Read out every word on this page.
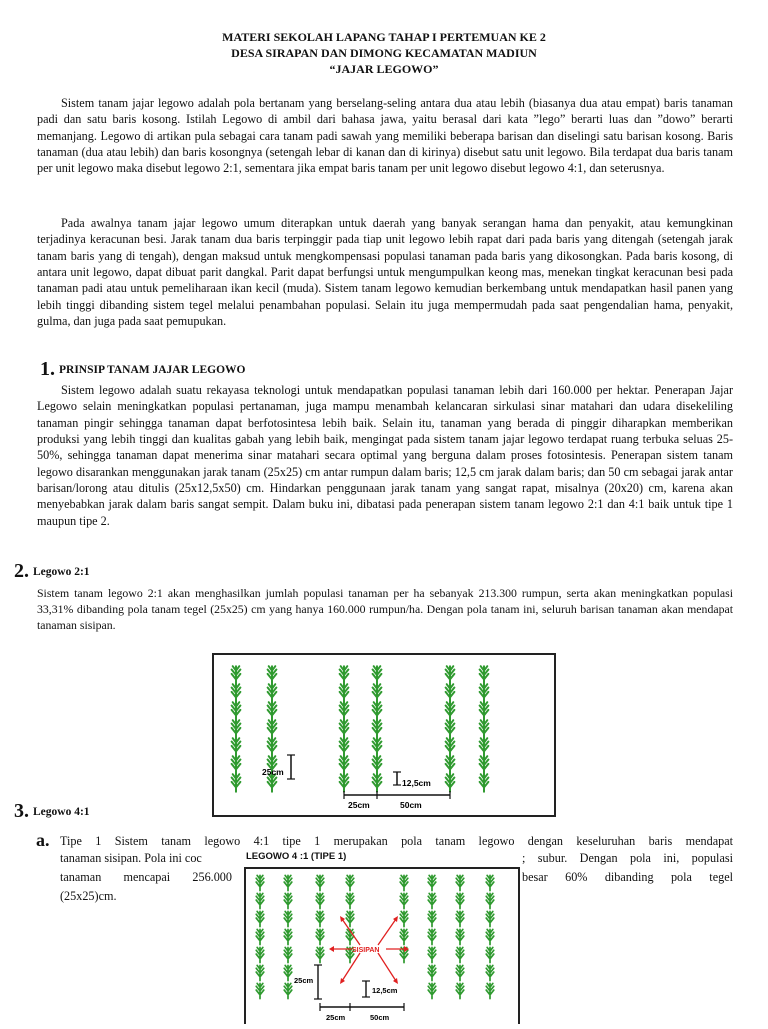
MATERI SEKOLAH LAPANG TAHAP I PERTEMUAN KE 2
DESA SIRAPAN DAN DIMONG KECAMATAN MADIUN
“JAJAR LEGOWO”

Sistem tanam jajar legowo adalah pola bertanam yang berselang-seling antara dua atau lebih (biasanya dua atau empat) baris tanaman padi dan satu baris kosong. Istilah Legowo di ambil dari bahasa jawa, yaitu berasal dari kata ”lego” berarti luas dan ”dowo” berarti memanjang. Legowo di artikan pula sebagai cara tanam padi sawah yang memiliki beberapa barisan dan diselingi satu barisan kosong. Baris tanaman (dua atau lebih) dan baris kosongnya (setengah lebar di kanan dan di kirinya) disebut satu unit legowo. Bila terdapat dua baris tanam per unit legowo maka disebut legowo 2:1, sementara jika empat baris tanam per unit legowo disebut legowo 4:1, dan seterusnya.

Pada awalnya tanam jajar legowo umum diterapkan untuk daerah yang banyak serangan hama dan penyakit, atau kemungkinan terjadinya keracunan besi. Jarak tanam dua baris terpinggir pada tiap unit legowo lebih rapat dari pada baris yang ditengah (setengah jarak tanam baris yang di tengah), dengan maksud untuk mengkompensasi populasi tanaman pada baris yang dikosongkan. Pada baris kosong, di antara unit legowo, dapat dibuat parit dangkal. Parit dapat berfungsi untuk mengumpulkan keong mas, menekan tingkat keracunan besi pada tanaman padi atau untuk pemeliharaan ikan kecil (muda). Sistem tanam legowo kemudian berkembang untuk mendapatkan hasil panen yang lebih tinggi dibanding sistem tegel melalui penambahan populasi. Selain itu juga mempermudah pada saat pengendalian hama, penyakit, gulma, dan juga pada saat pemupukan.

1. PRINSIP TANAM JAJAR LEGOWO

Sistem legowo adalah suatu rekayasa teknologi untuk mendapatkan populasi tanaman lebih dari 160.000 per hektar. Penerapan Jajar Legowo selain meningkatkan populasi pertanaman, juga mampu menambah kelancaran sirkulasi sinar matahari dan udara disekeliling tanaman pingir sehingga tanaman dapat berfotosintesa lebih baik. Selain itu, tanaman yang berada di pinggir diharapkan memberikan produksi yang lebih tinggi dan kualitas gabah yang lebih baik, mengingat pada sistem tanam jajar legowo terdapat ruang terbuka seluas 25-50%, sehingga tanaman dapat menerima sinar matahari secara optimal yang berguna dalam proses fotosintesis. Penerapan sistem tanam legowo disarankan menggunakan jarak tanam (25x25) cm antar rumpun dalam baris; 12,5 cm jarak dalam baris; dan 50 cm sebagai jarak antar barisan/lorong atau ditulis (25x12,5x50) cm. Hindarkan penggunaan jarak tanam yang sangat rapat, misalnya (20x20) cm, karena akan menyebabkan jarak dalam baris sangat sempit. Dalam buku ini, dibatasi pada penerapan sistem tanam legowo 2:1 dan 4:1 baik untuk tipe 1 maupun tipe 2.

2. Legowo 2:1

Sistem tanam legowo 2:1 akan menghasilkan jumlah populasi tanaman per ha sebanyak 213.300 rumpun, serta akan meningkatkan populasi 33,31% dibanding pola tanam tegel (25x25) cm yang hanya 160.000 rumpun/ha. Dengan pola tanam ini, seluruh barisan tanaman akan mendapat tanaman sisipan.

25cm
12,5cm
25cm	50cm
3. Legowo 4:1
a. Tipe 1 Sistem tanam legowo 4:1 tipe 1 merupakan pola tanam legowo dengan keseluruhan baris mendapat
tanaman sisipan. Pola ini coc	; subur. Dengan pola ini, populasi
tanaman mencapai 256.000	besar 60% dibanding pola tegel
(25x25)cm.
LEGOWO 4 :1 (TIPE 1)
SISIPAN
25cm
12,5cm
25cm	50cm
